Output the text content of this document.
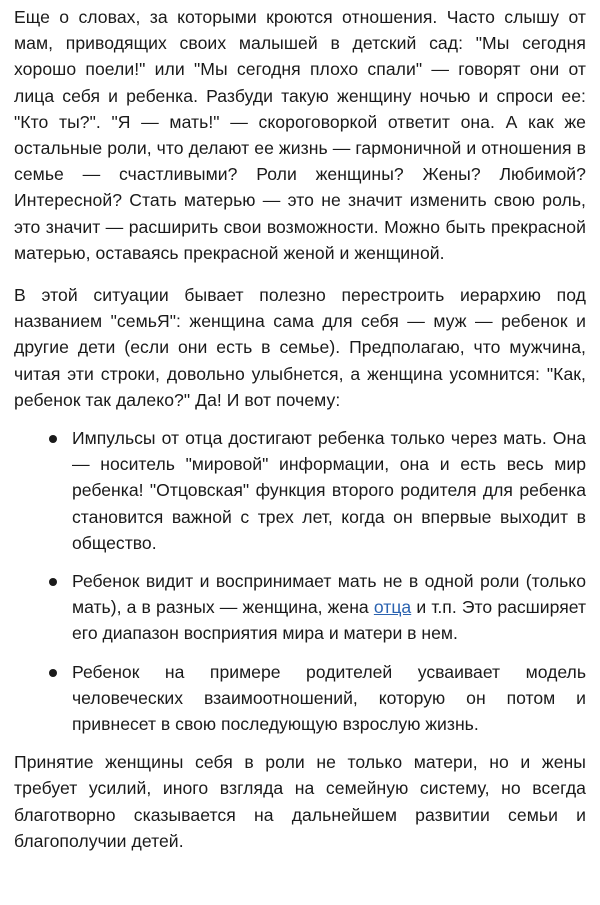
Еще о словах, за которыми кроются отношения. Часто слышу от мам, приводящих своих малышей в детский сад: "Мы сегодня хорошо поели!" или "Мы сегодня плохо спали" — говорят они от лица себя и ребенка. Разбуди такую женщину ночью и спроси ее: "Кто ты?". "Я — мать!" — скороговоркой ответит она. А как же остальные роли, что делают ее жизнь — гармоничной и отношения в семье — счастливыми? Роли женщины? Жены? Любимой? Интересной? Стать матерью — это не значит изменить свою роль, это значит — расширить свои возможности. Можно быть прекрасной матерью, оставаясь прекрасной женой и женщиной.

В этой ситуации бывает полезно перестроить иерархию под названием "семьЯ": женщина сама для себя — муж — ребенок и другие дети (если они есть в семье). Предполагаю, что мужчина, читая эти строки, довольно улыбнется, а женщина усомнится: "Как, ребенок так далеко?" Да! И вот почему:

Импульсы от отца достигают ребенка только через мать. Она — носитель "мировой" информации, она и есть весь мир ребенка! "Отцовская" функция второго родителя для ребенка становится важной с трех лет, когда он впервые выходит в общество.
Ребенок видит и воспринимает мать не в одной роли (только мать), а в разных — женщина, жена отца и т.п. Это расширяет его диапазон восприятия мира и матери в нем.
Ребенок на примере родителей усваивает модель человеческих взаимоотношений, которую он потом и привнесет в свою последующую взрослую жизнь.

Принятие женщины себя в роли не только матери, но и жены требует усилий, иного взгляда на семейную систему, но всегда благотворно сказывается на дальнейшем развитии семьи и благополучии детей.
